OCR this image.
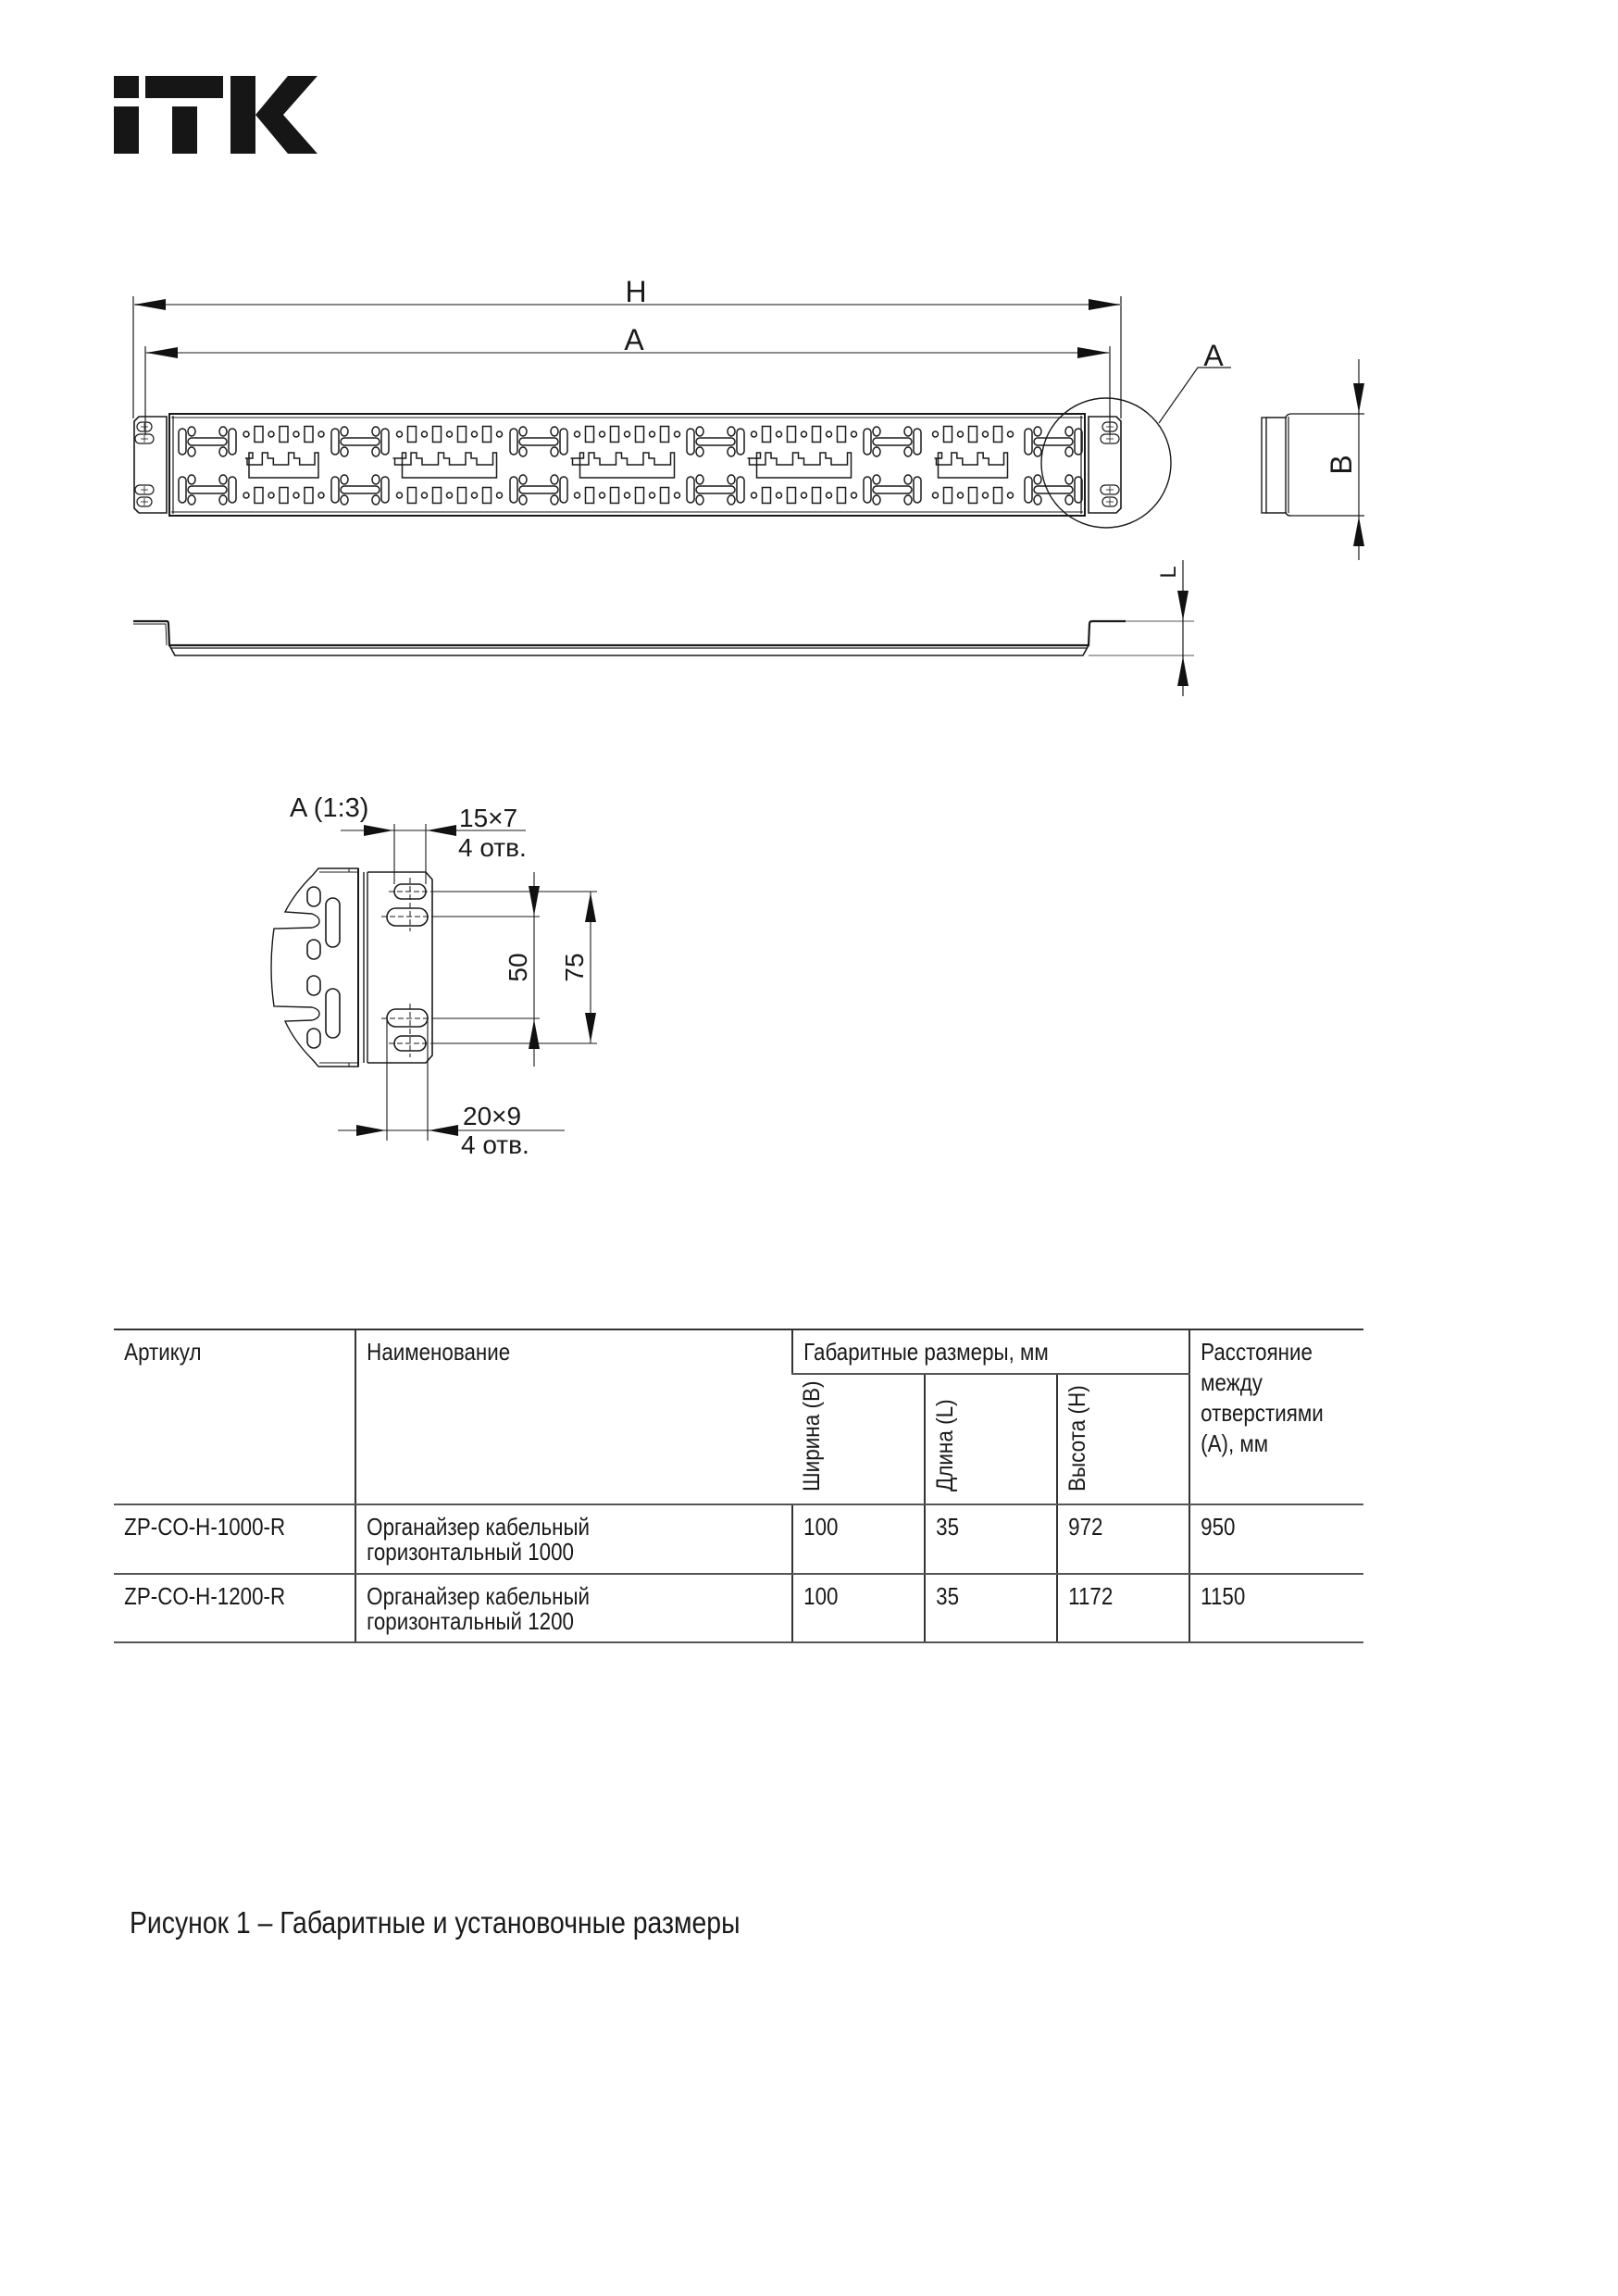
H
A	A
B
L
A (1:3)	15×7
4 отв.
20×9
4 отв.
50 75
Артикул	Наименование	Габаритные размеры, мм			Расстояние между отверстиями (А), мм

		Ширина (B)	Длина (L)	Высота (H)	

ZP-CO-H-1000-R	Органайзер кабельный горизонтальный 1000	100	35	972	950
ZP-CO-H-1200-R	Органайзер кабельный горизонтальный 1200	100	35	1172	1150
Рисунок 1 – Габаритные и установочные размеры
